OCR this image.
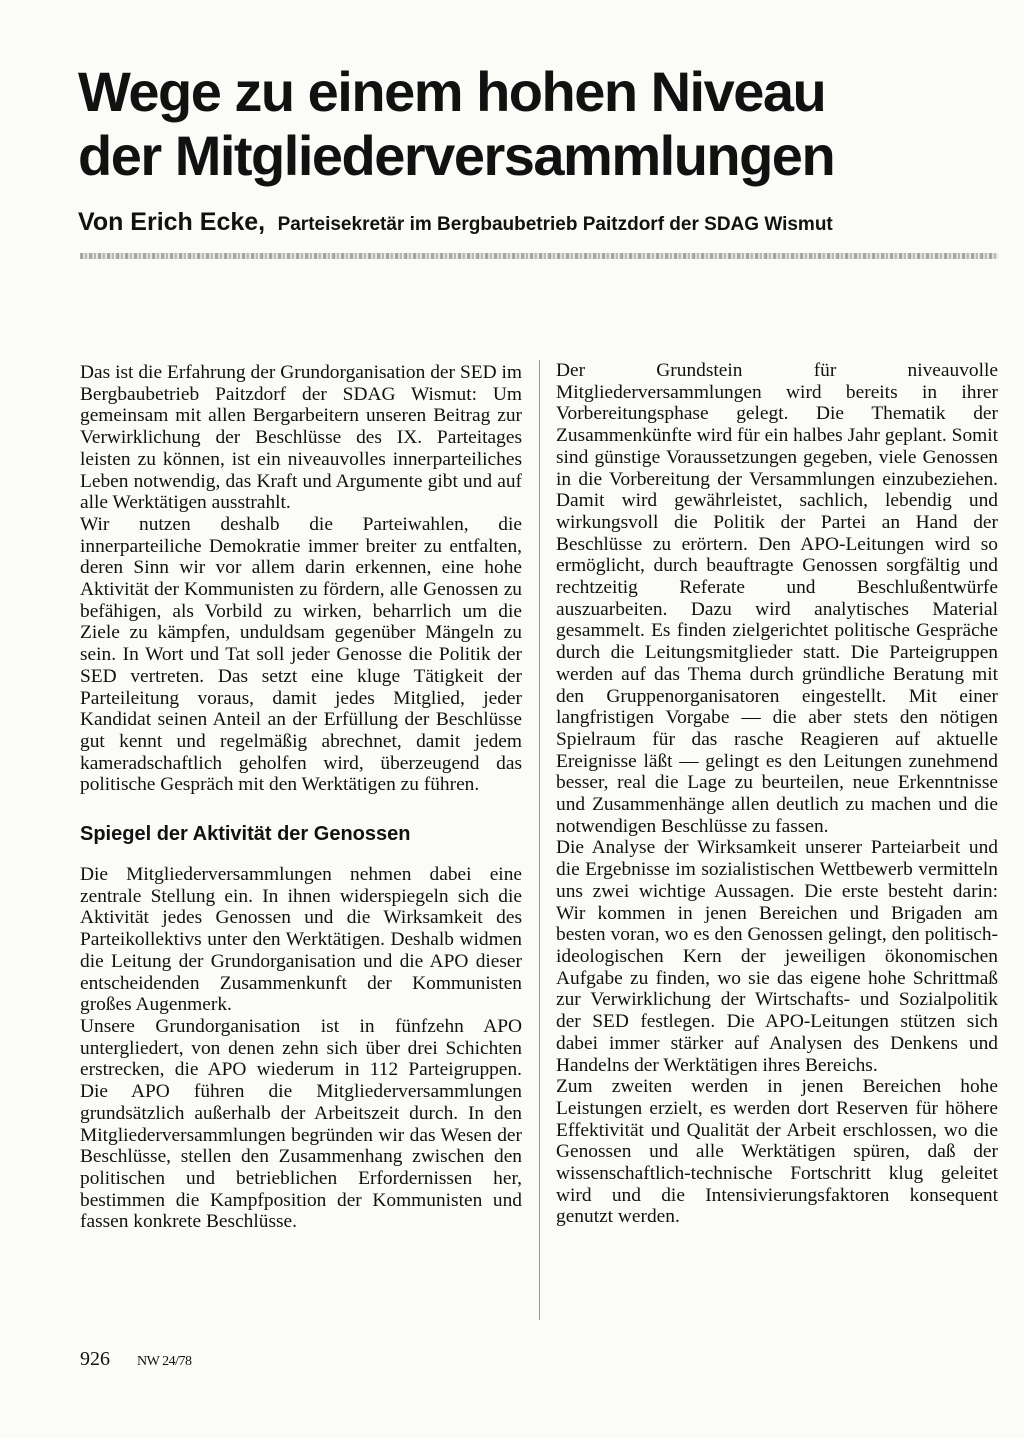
Wege zu einem hohen Niveau
der Mitgliederversammlungen
Von Erich Ecke, Parteisekretär im Bergbaubetrieb Paitzdorf der SDAG Wismut

Das ist die Erfahrung der Grundorganisation der SED im Bergbaubetrieb Paitzdorf der SDAG Wismut: Um gemeinsam mit allen Bergarbeitern unseren Beitrag zur Verwirklichung der Beschlüsse des IX. Parteitages leisten zu können, ist ein niveauvolles innerparteiliches Leben notwendig, das Kraft und Argumente gibt und auf alle Werktätigen ausstrahlt.

Wir nutzen deshalb die Parteiwahlen, die innerparteiliche Demokratie immer breiter zu entfalten, deren Sinn wir vor allem darin erkennen, eine hohe Aktivität der Kommunisten zu fördern, alle Genossen zu befähigen, als Vorbild zu wirken, beharrlich um die Ziele zu kämpfen, unduldsam gegenüber Mängeln zu sein. In Wort und Tat soll jeder Genosse die Politik der SED vertreten. Das setzt eine kluge Tätigkeit der Parteileitung voraus, damit jedes Mitglied, jeder Kandidat seinen Anteil an der Erfüllung der Beschlüsse gut kennt und regelmäßig abrechnet, damit jedem kameradschaftlich geholfen wird, überzeugend das politische Gespräch mit den Werktätigen zu führen.

Spiegel der Aktivität der Genossen

Die Mitgliederversammlungen nehmen dabei eine zentrale Stellung ein. In ihnen widerspiegeln sich die Aktivität jedes Genossen und die Wirksamkeit des Parteikollektivs unter den Werktätigen. Deshalb widmen die Leitung der Grundorganisation und die APO dieser entscheidenden Zusammenkunft der Kommunisten großes Augenmerk.

Unsere Grundorganisation ist in fünfzehn APO untergliedert, von denen zehn sich über drei Schichten erstrecken, die APO wiederum in 112 Parteigruppen. Die APO führen die Mitgliederversammlungen grundsätzlich außerhalb der Arbeitszeit durch. In den Mitgliederversammlungen begründen wir das Wesen der Beschlüsse, stellen den Zusammenhang zwischen den politischen und betrieblichen Erfordernissen her, bestimmen die Kampfposition der Kommunisten und fassen konkrete Beschlüsse.

Der Grundstein für niveauvolle Mitgliederversammlungen wird bereits in ihrer Vorbereitungsphase gelegt. Die Thematik der Zusammenkünfte wird für ein halbes Jahr geplant. Somit sind günstige Voraussetzungen gegeben, viele Genossen in die Vorbereitung der Versammlungen einzubeziehen. Damit wird gewährleistet, sachlich, lebendig und wirkungsvoll die Politik der Partei an Hand der Beschlüsse zu erörtern. Den APO-Leitungen wird so ermöglicht, durch beauftragte Genossen sorgfältig und rechtzeitig Referate und Beschlußentwürfe auszuarbeiten. Dazu wird analytisches Material gesammelt. Es finden zielgerichtet politische Gespräche durch die Leitungsmitglieder statt. Die Parteigruppen werden auf das Thema durch gründliche Beratung mit den Gruppenorganisatoren eingestellt. Mit einer langfristigen Vorgabe — die aber stets den nötigen Spielraum für das rasche Reagieren auf aktuelle Ereignisse läßt — gelingt es den Leitungen zunehmend besser, real die Lage zu beurteilen, neue Erkenntnisse und Zusammenhänge allen deutlich zu machen und die notwendigen Beschlüsse zu fassen.

Die Analyse der Wirksamkeit unserer Parteiarbeit und die Ergebnisse im sozialistischen Wettbewerb vermitteln uns zwei wichtige Aussagen. Die erste besteht darin: Wir kommen in jenen Bereichen und Brigaden am besten voran, wo es den Genossen gelingt, den politisch-ideologischen Kern der jeweiligen ökonomischen Aufgabe zu finden, wo sie das eigene hohe Schrittmaß zur Verwirklichung der Wirtschafts- und Sozialpolitik der SED festlegen. Die APO-Leitungen stützen sich dabei immer stärker auf Analysen des Denkens und Handelns der Werktätigen ihres Bereichs.

Zum zweiten werden in jenen Bereichen hohe Leistungen erzielt, es werden dort Reserven für höhere Effektivität und Qualität der Arbeit erschlossen, wo die Genossen und alle Werktätigen spüren, daß der wissenschaftlich-technische Fortschritt klug geleitet wird und die Intensivierungsfaktoren konsequent genutzt werden.

926 NW 24/78
